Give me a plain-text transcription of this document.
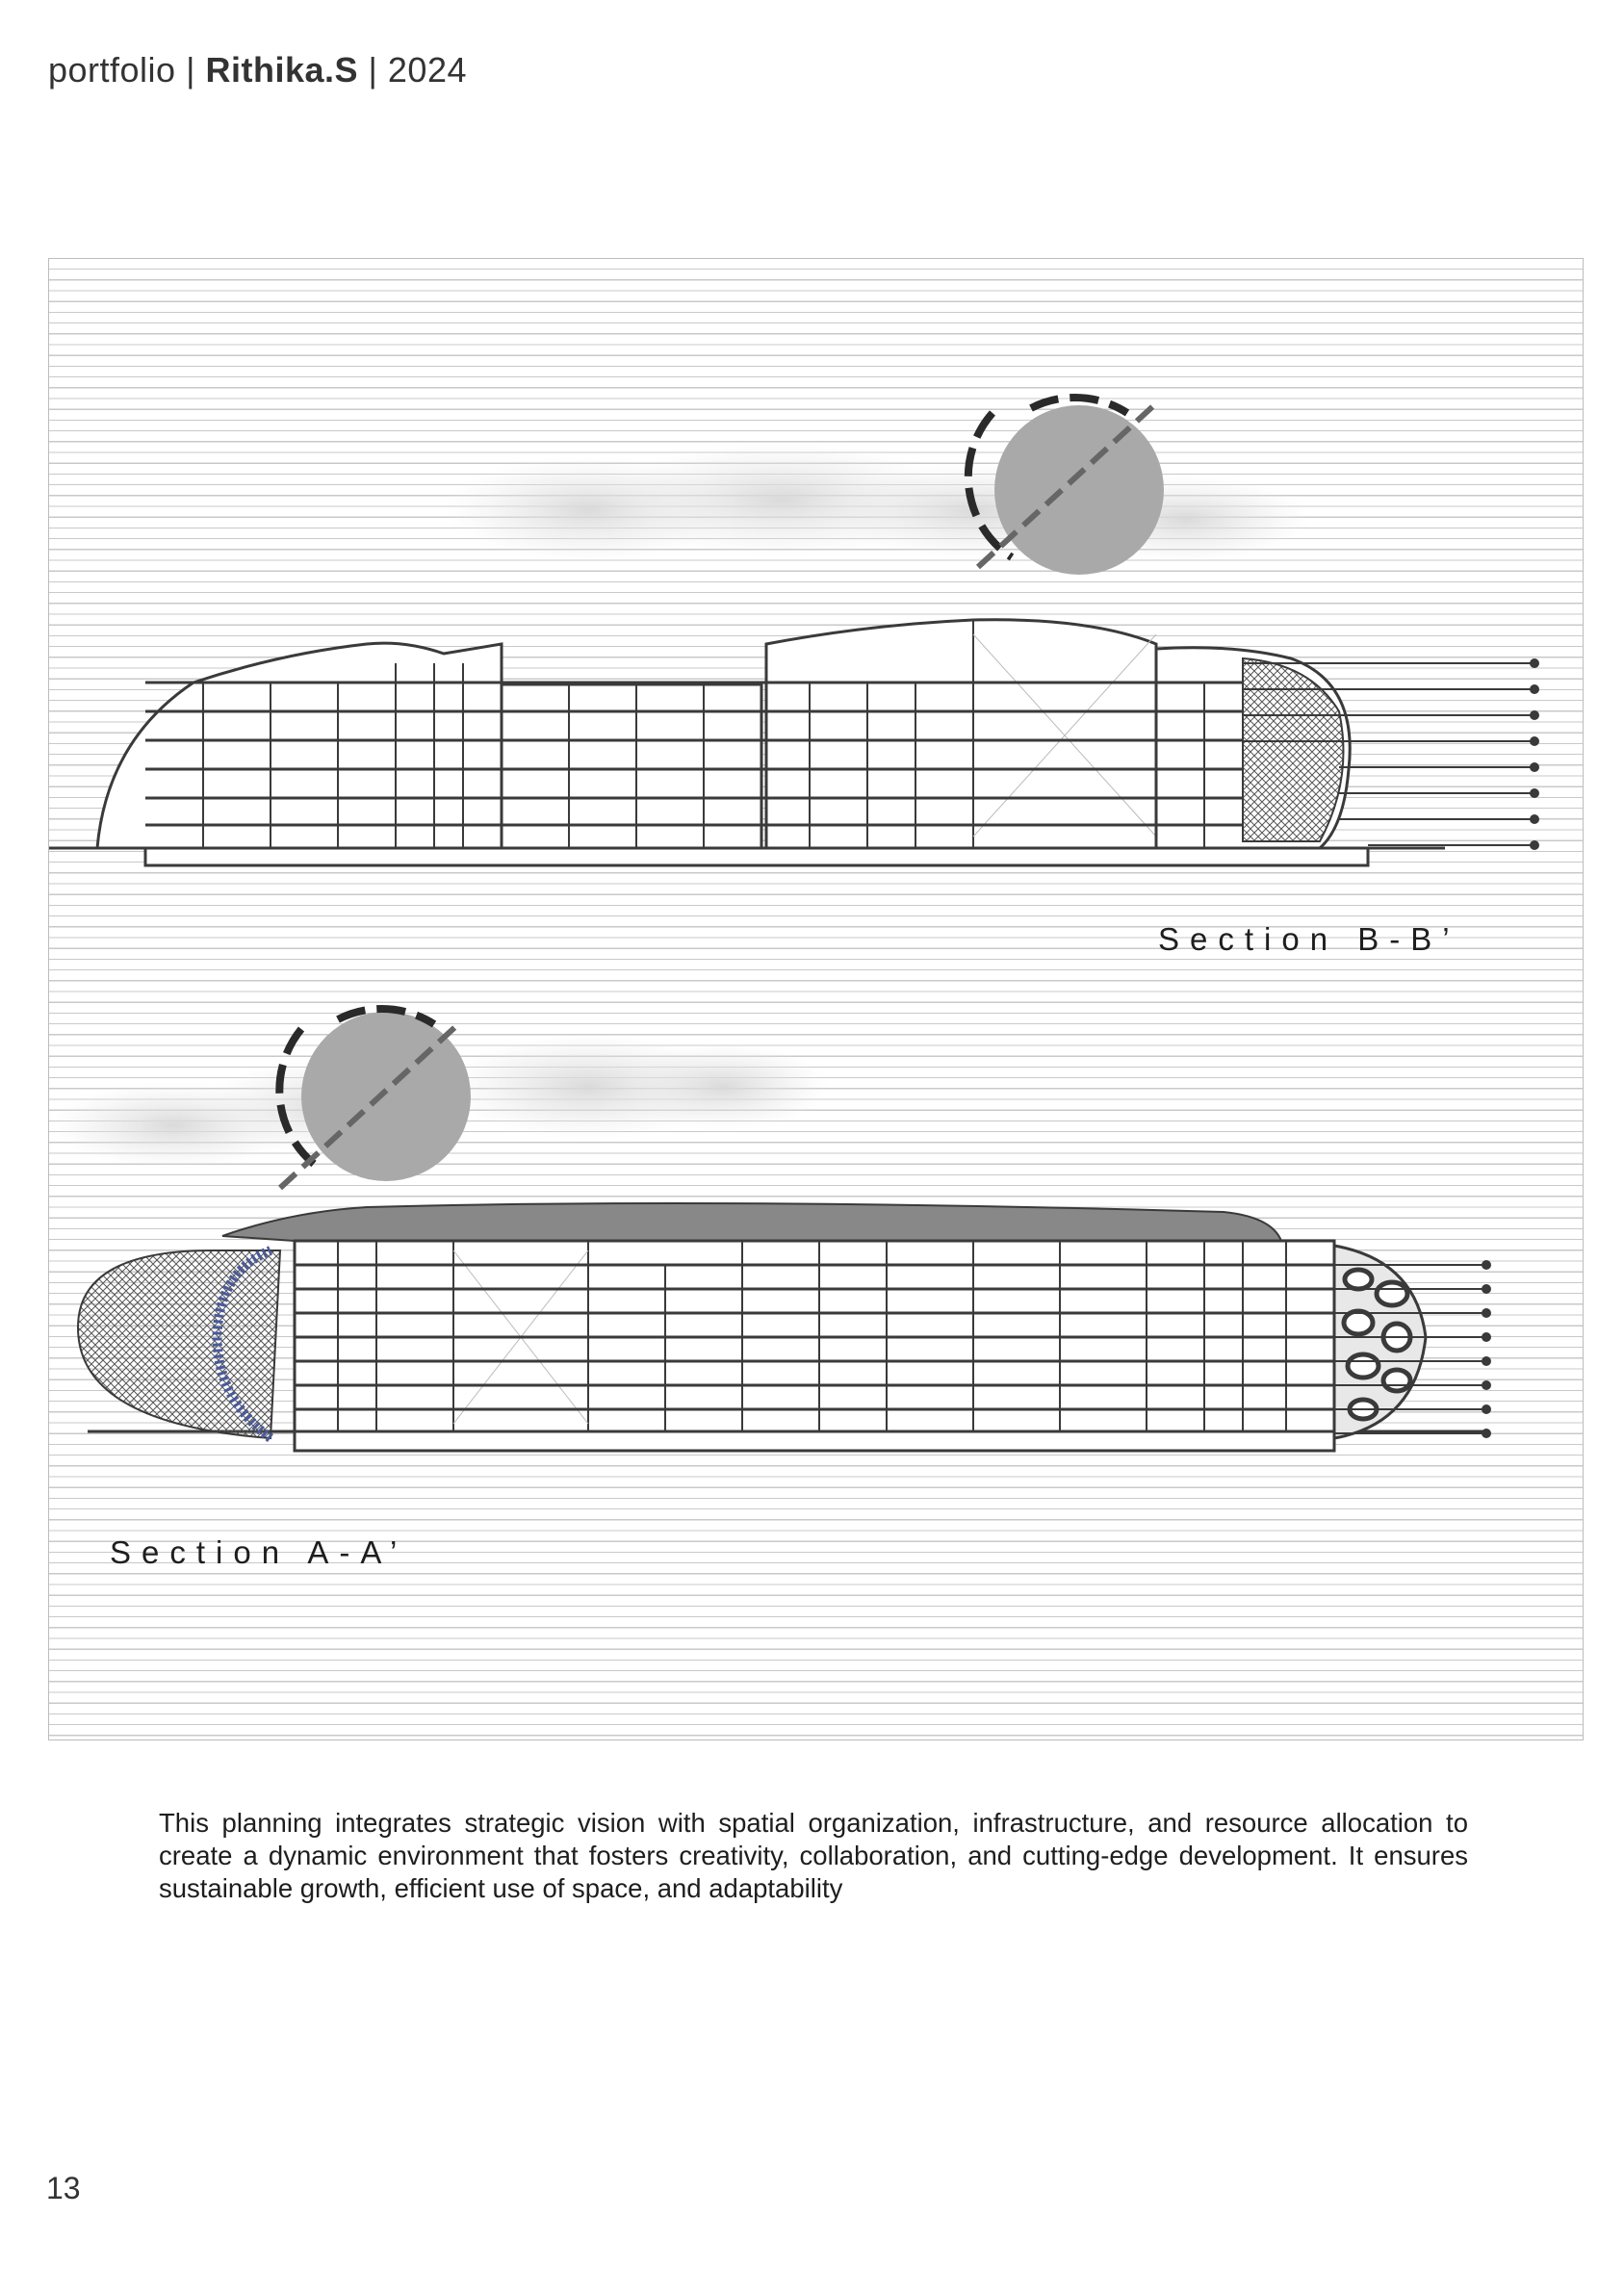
portfolio | Rithika.S | 2024
Section B-B’
Section A-A’

This planning integrates strategic vision with spatial organization, infrastructure, and resource allocation to create a dynamic environment that fosters creativity, collaboration, and cutting-edge development. It ensures sustainable growth, efficient use of space, and adaptability

13
